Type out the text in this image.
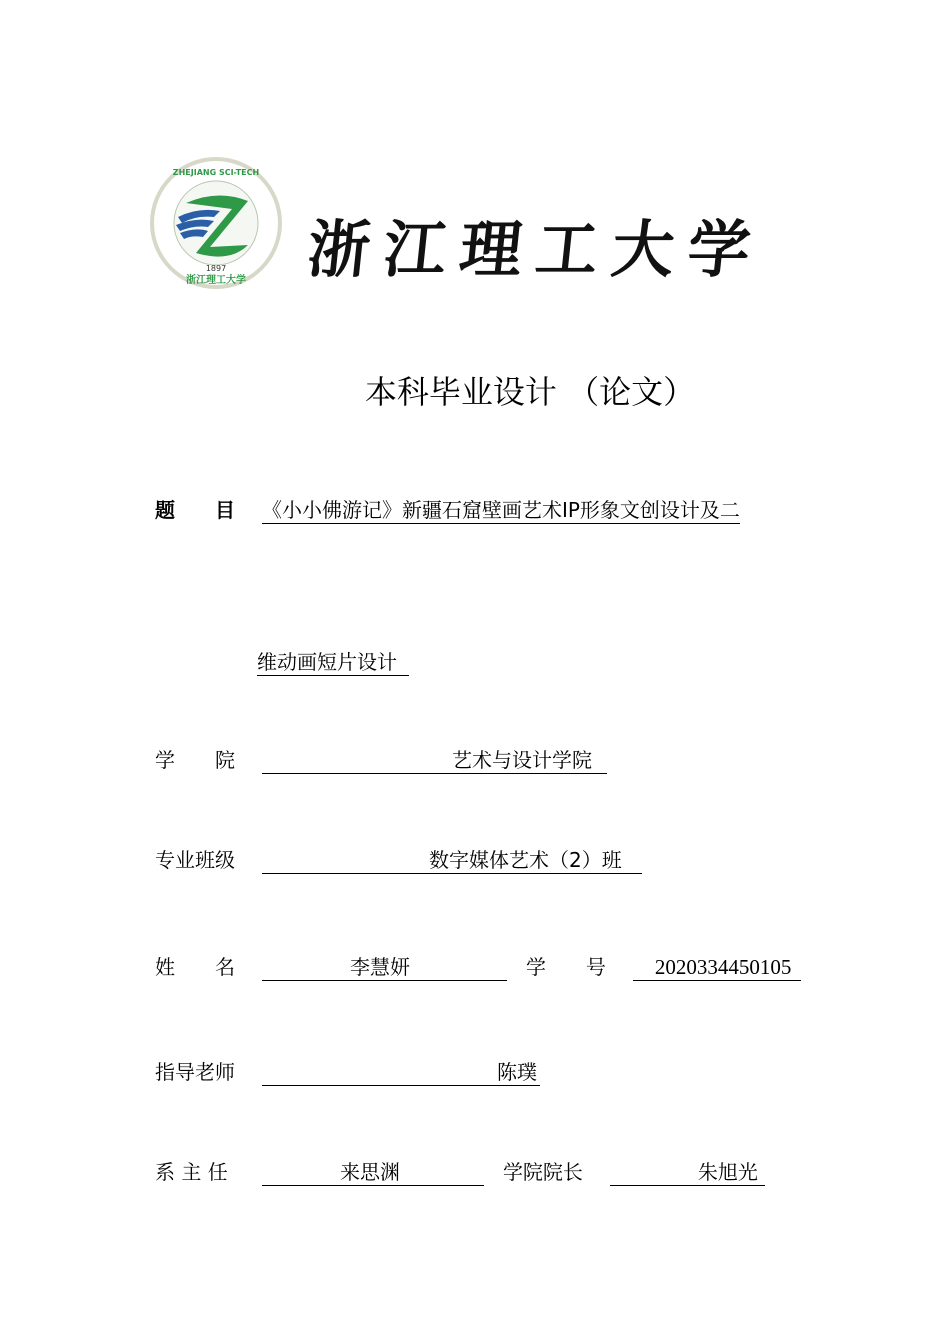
ZHEJIANG SCI-TECH
1897
浙江理工大学 浙江理工大学
本科毕业设计 （论文）
题　　目 《小小佛游记》新疆石窟壁画艺术IP形象文创设计及二
维动画短片设计
学　　院	艺术与设计学院
专业班级	数字媒体艺术（2）班
姓　　名	李慧妍	学　　号 2020334450105
指导老师	陈璞
系 主 任	来思渊	学院院长	朱旭光
